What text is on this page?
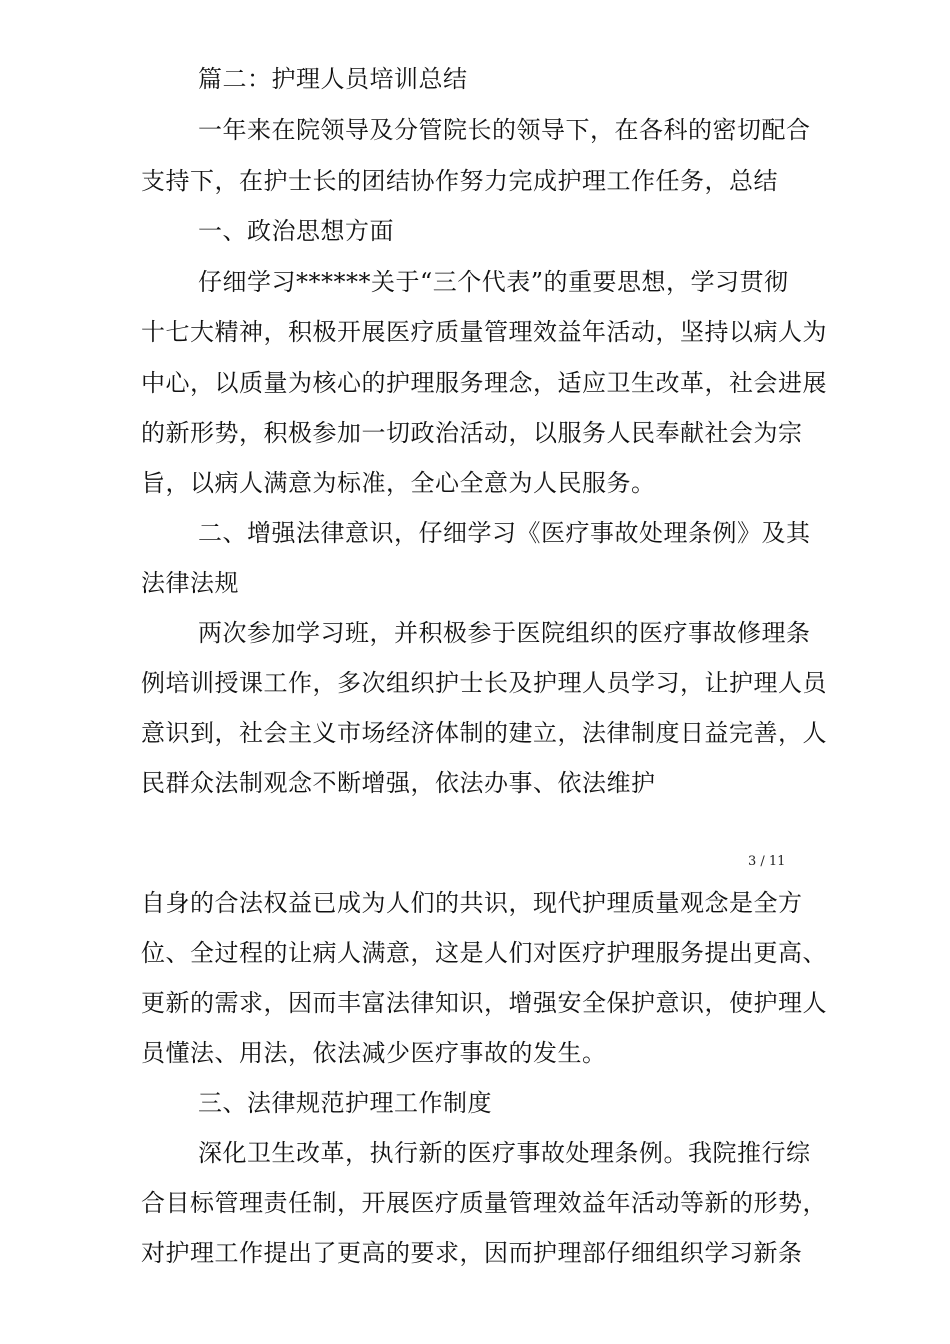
篇二：护理人员培训总结
一年来在院领导及分管院长的领导下，在各科的密切配合
支持下，在护士长的团结协作努力完成护理工作任务，总结
一、政治思想方面
仔细学习******关于“三个代表”的重要思想，学习贯彻
十七大精神，积极开展医疗质量管理效益年活动，坚持以病人为
中心，以质量为核心的护理服务理念，适应卫生改革，社会进展
的新形势，积极参加一切政治活动，以服务人民奉献社会为宗
旨，以病人满意为标准，全心全意为人民服务。
二、增强法律意识，仔细学习《医疗事故处理条例》及其
法律法规
两次参加学习班，并积极参于医院组织的医疗事故修理条
例培训授课工作，多次组织护士长及护理人员学习，让护理人员
意识到，社会主义市场经济体制的建立，法律制度日益完善，人
民群众法制观念不断增强，依法办事、依法维护
3 / 11
自身的合法权益已成为人们的共识，现代护理质量观念是全方
位、全过程的让病人满意，这是人们对医疗护理服务提出更高、
更新的需求，因而丰富法律知识，增强安全保护意识，使护理人
员懂法、用法，依法减少医疗事故的发生。
三、法律规范护理工作制度
深化卫生改革，执行新的医疗事故处理条例。我院推行综
合目标管理责任制，开展医疗质量管理效益年活动等新的形势，
对护理工作提出了更高的要求，因而护理部仔细组织学习新条
